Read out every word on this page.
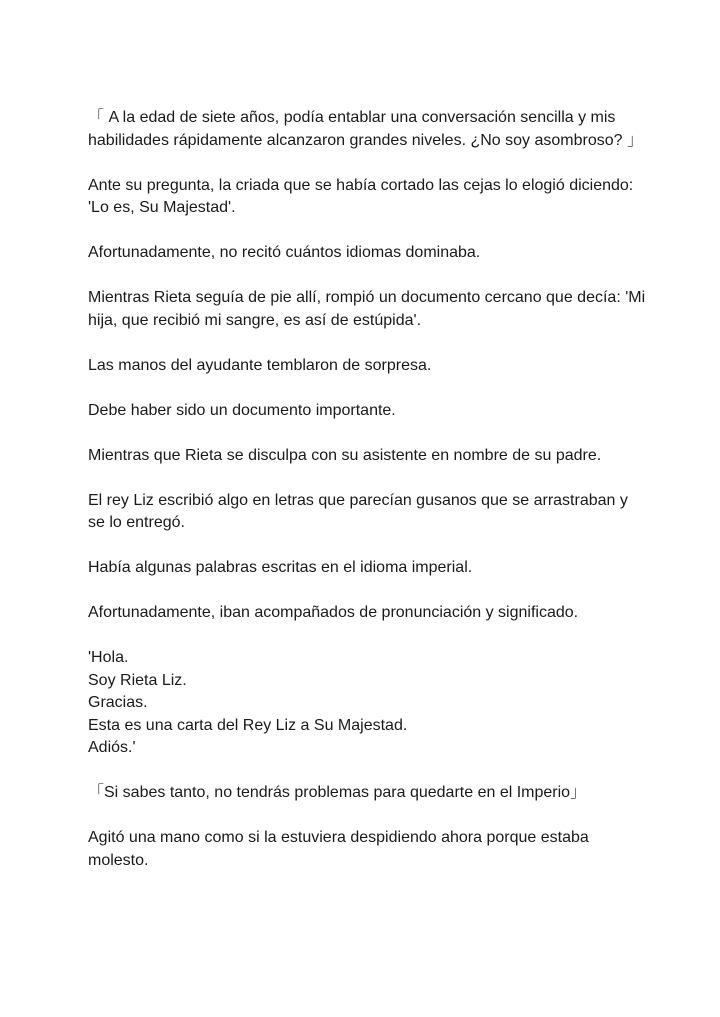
「 A la edad de siete años, podía entablar una conversación sencilla y mis habilidades rápidamente alcanzaron grandes niveles. ¿No soy asombroso? 」

Ante su pregunta, la criada que se había cortado las cejas lo elogió diciendo: 'Lo es, Su Majestad'.

Afortunadamente, no recitó cuántos idiomas dominaba.

Mientras Rieta seguía de pie allí, rompió un documento cercano que decía: 'Mi hija, que recibió mi sangre, es así de estúpida'.

Las manos del ayudante temblaron de sorpresa.

Debe haber sido un documento importante.

Mientras que Rieta se disculpa con su asistente en nombre de su padre.

El rey Liz escribió algo en letras que parecían gusanos que se arrastraban y se lo entregó.

Había algunas palabras escritas en el idioma imperial.

Afortunadamente, iban acompañados de pronunciación y significado.

'Hola.
Soy Rieta Liz.
Gracias.
Esta es una carta del Rey Liz a Su Majestad.
Adiós.'

「Si sabes tanto, no tendrás problemas para quedarte en el Imperio」

Agitó una mano como si la estuviera despidiendo ahora porque estaba molesto.
